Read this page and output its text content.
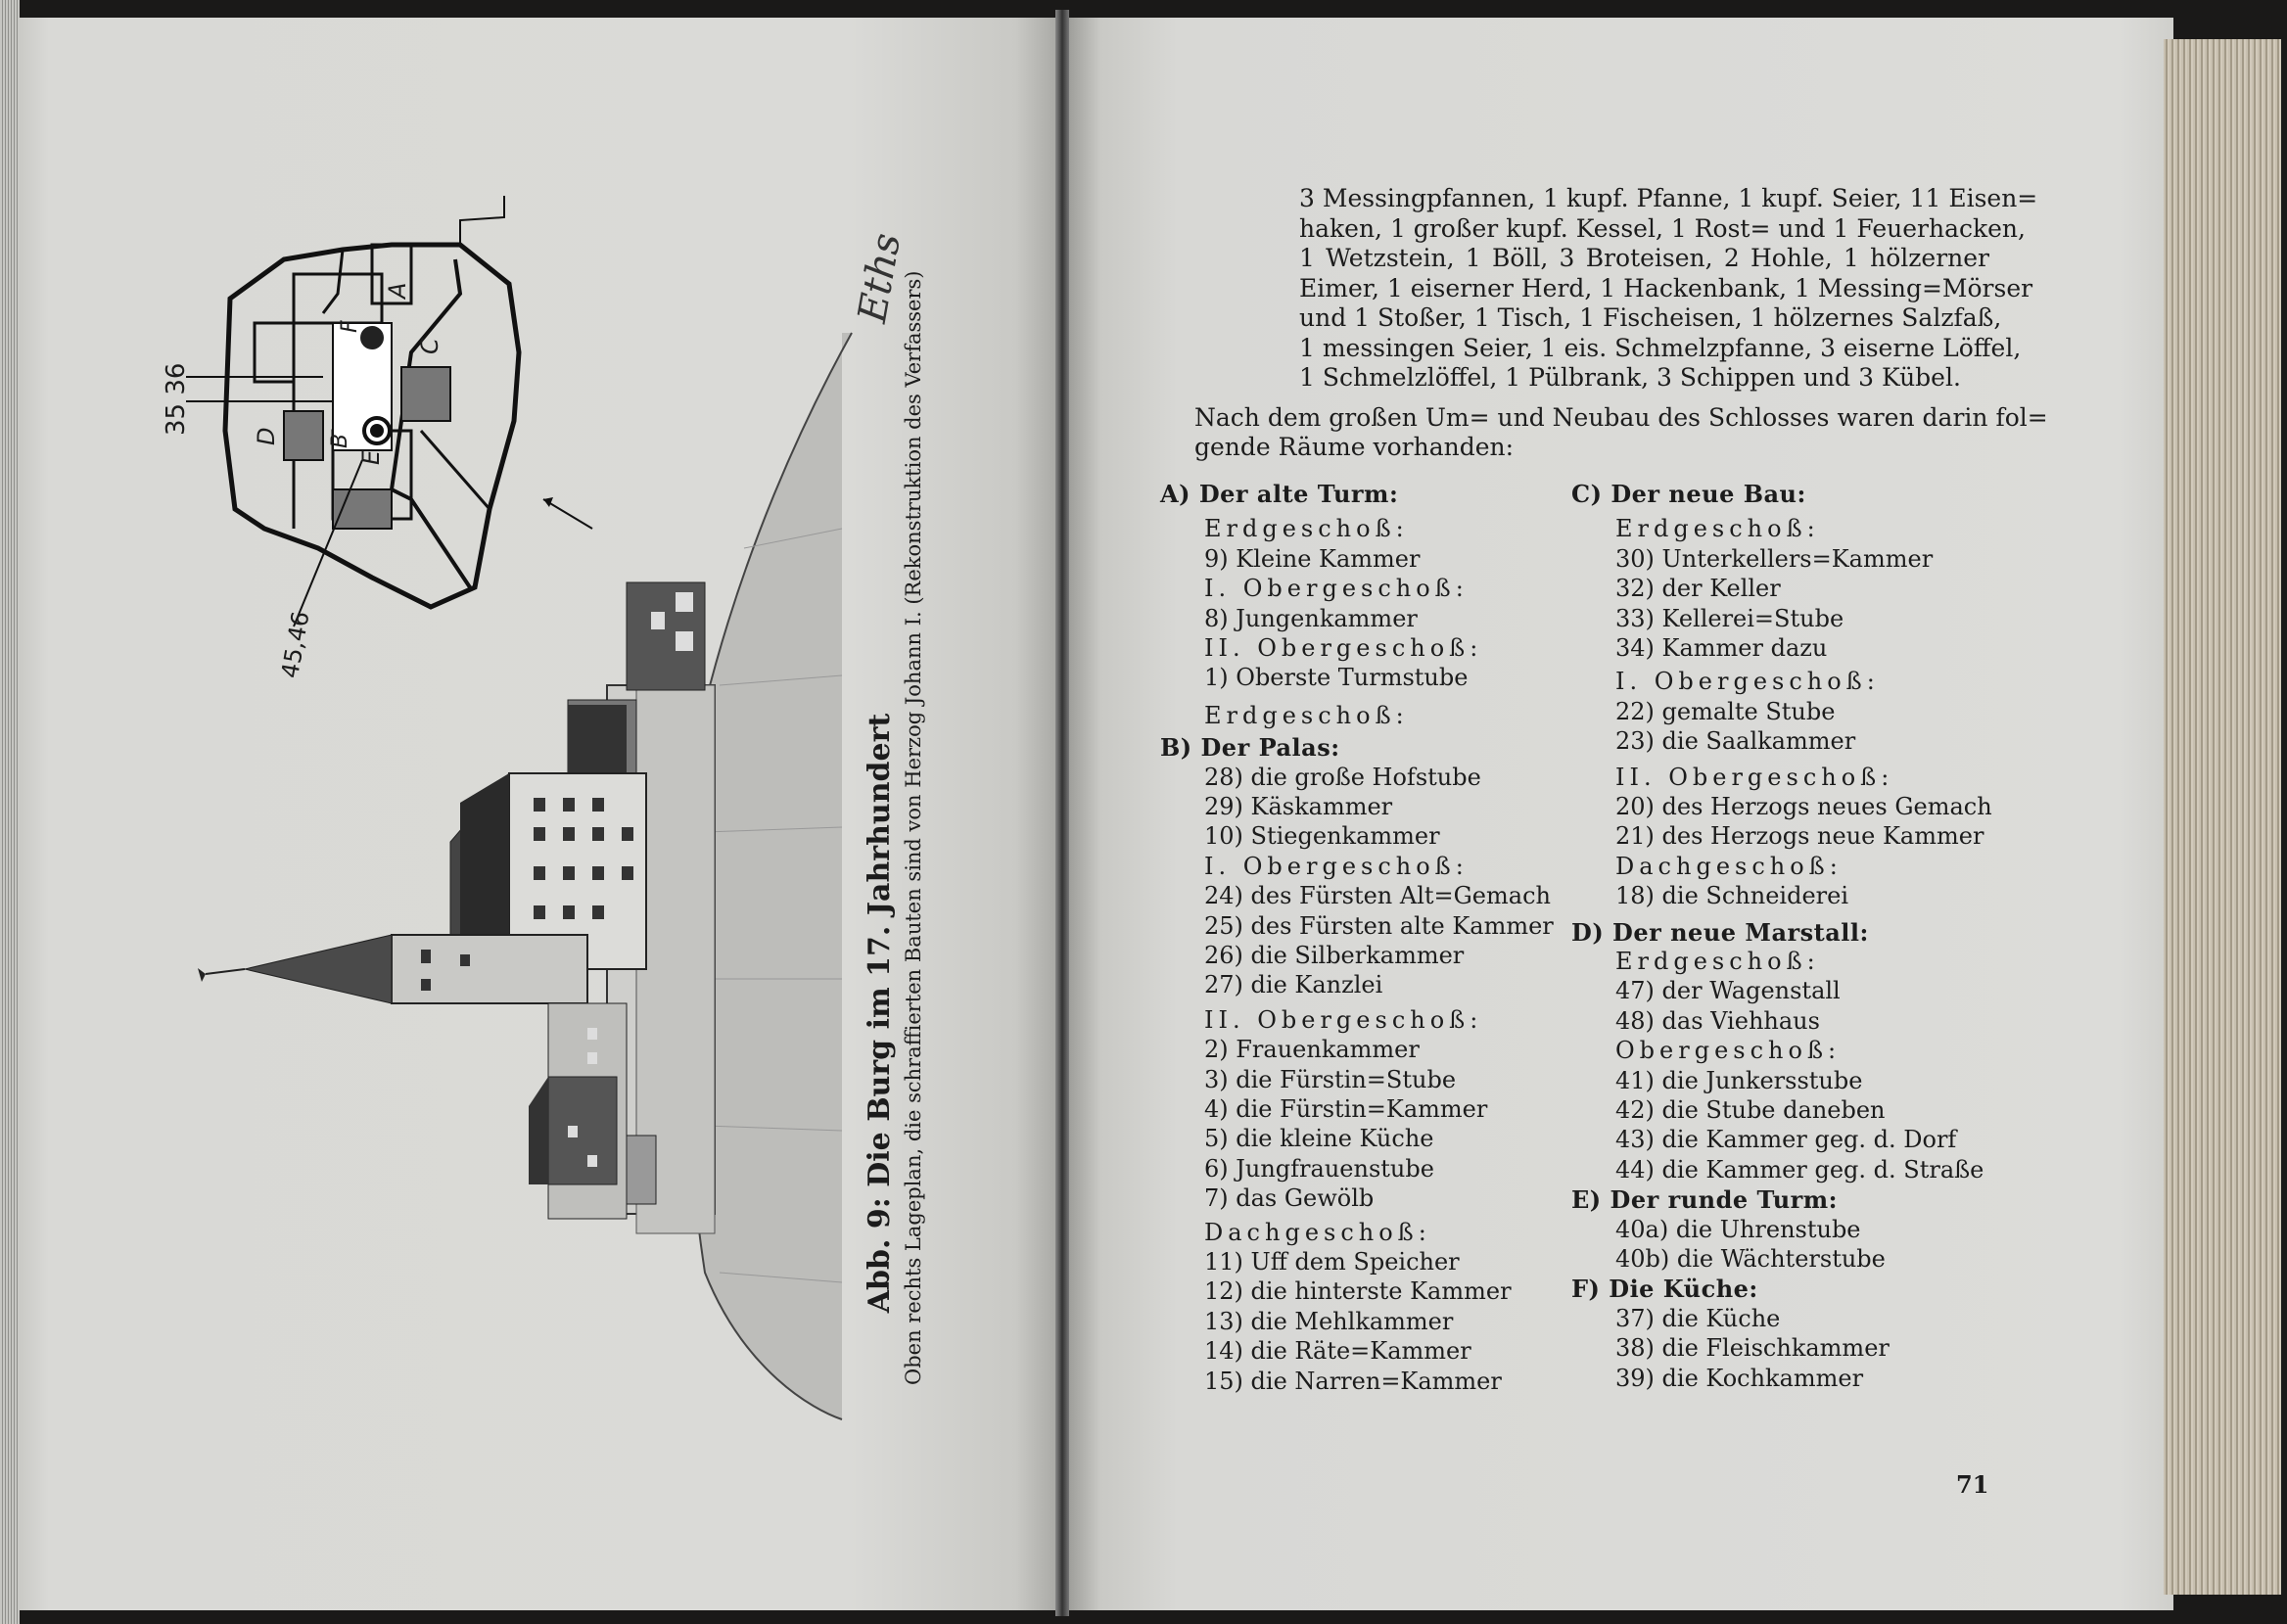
35 36
45,46
A
B
C
D
E
F
Eths
Abb. 9: Die Burg im 17. Jahrhundert Oben rechts Lageplan, die schraffierten Bauten sind von Herzog Johann I. (Rekonstruktion des Verfassers)
3 Messingpfannen, 1 kupf. Pfanne, 1 kupf. Seier, 11 Eisen=
haken, 1 großer kupf. Kessel, 1 Rost= und 1 Feuerhacken,
1 Wetzstein, 1 Böll, 3 Broteisen, 2 Hohle, 1 hölzerner
Eimer, 1 eiserner Herd, 1 Hackenbank, 1 Messing=Mörser
und 1 Stoßer, 1 Tisch, 1 Fischeisen, 1 hölzernes Salzfaß,
1 messingen Seier, 1 eis. Schmelzpfanne, 3 eiserne Löffel,
1 Schmelzlöffel, 1 Pülbrank, 3 Schippen und 3 Kübel.
Nach dem großen Um= und Neubau des Schlosses waren darin fol=
gende Räume vorhanden:
A) Der alte Turm:
Erdgeschoß:
9) Kleine Kammer
I. Obergeschoß:
8) Jungenkammer
II. Obergeschoß:
1) Oberste Turmstube
Erdgeschoß:
B) Der Palas:
28) die große Hofstube
29) Käskammer
10) Stiegenkammer
I. Obergeschoß:
24) des Fürsten Alt=Gemach
25) des Fürsten alte Kammer
26) die Silberkammer
27) die Kanzlei
II. Obergeschoß:
2) Frauenkammer
3) die Fürstin=Stube
4) die Fürstin=Kammer
5) die kleine Küche
6) Jungfrauenstube
7) das Gewölb
Dachgeschoß:
11) Uff dem Speicher
12) die hinterste Kammer
13) die Mehlkammer
14) die Räte=Kammer
15) die Narren=Kammer
C) Der neue Bau:
Erdgeschoß:
30) Unterkellers=Kammer
32) der Keller
33) Kellerei=Stube
34) Kammer dazu
I. Obergeschoß:
22) gemalte Stube
23) die Saalkammer
II. Obergeschoß:
20) des Herzogs neues Gemach
21) des Herzogs neue Kammer
Dachgeschoß:
18) die Schneiderei
D) Der neue Marstall:
Erdgeschoß:
47) der Wagenstall
48) das Viehhaus
Obergeschoß:
41) die Junkersstube
42) die Stube daneben
43) die Kammer geg. d. Dorf
44) die Kammer geg. d. Straße
E) Der runde Turm:
40a) die Uhrenstube
40b) die Wächterstube
F) Die Küche:
37) die Küche
38) die Fleischkammer
39) die Kochkammer
71
